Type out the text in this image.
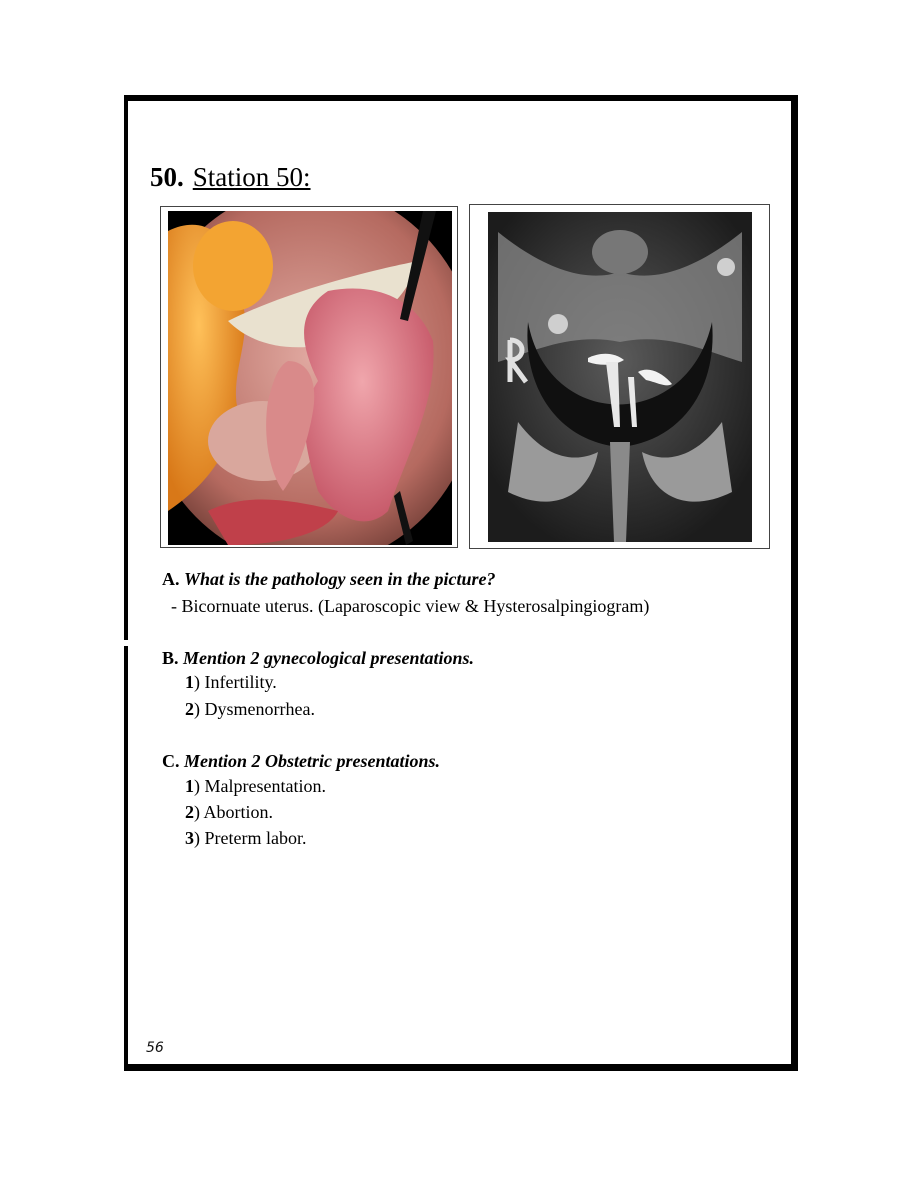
50. Station 50:
A. What is the pathology seen in the picture?
- Bicornuate uterus. (Laparoscopic view & Hysterosalpingiogram)
B. Mention 2 gynecological presentations.
1) Infertility.
2) Dysmenorrhea.
C. Mention 2 Obstetric presentations.
1) Malpresentation.
2) Abortion.
3) Preterm labor.
56
